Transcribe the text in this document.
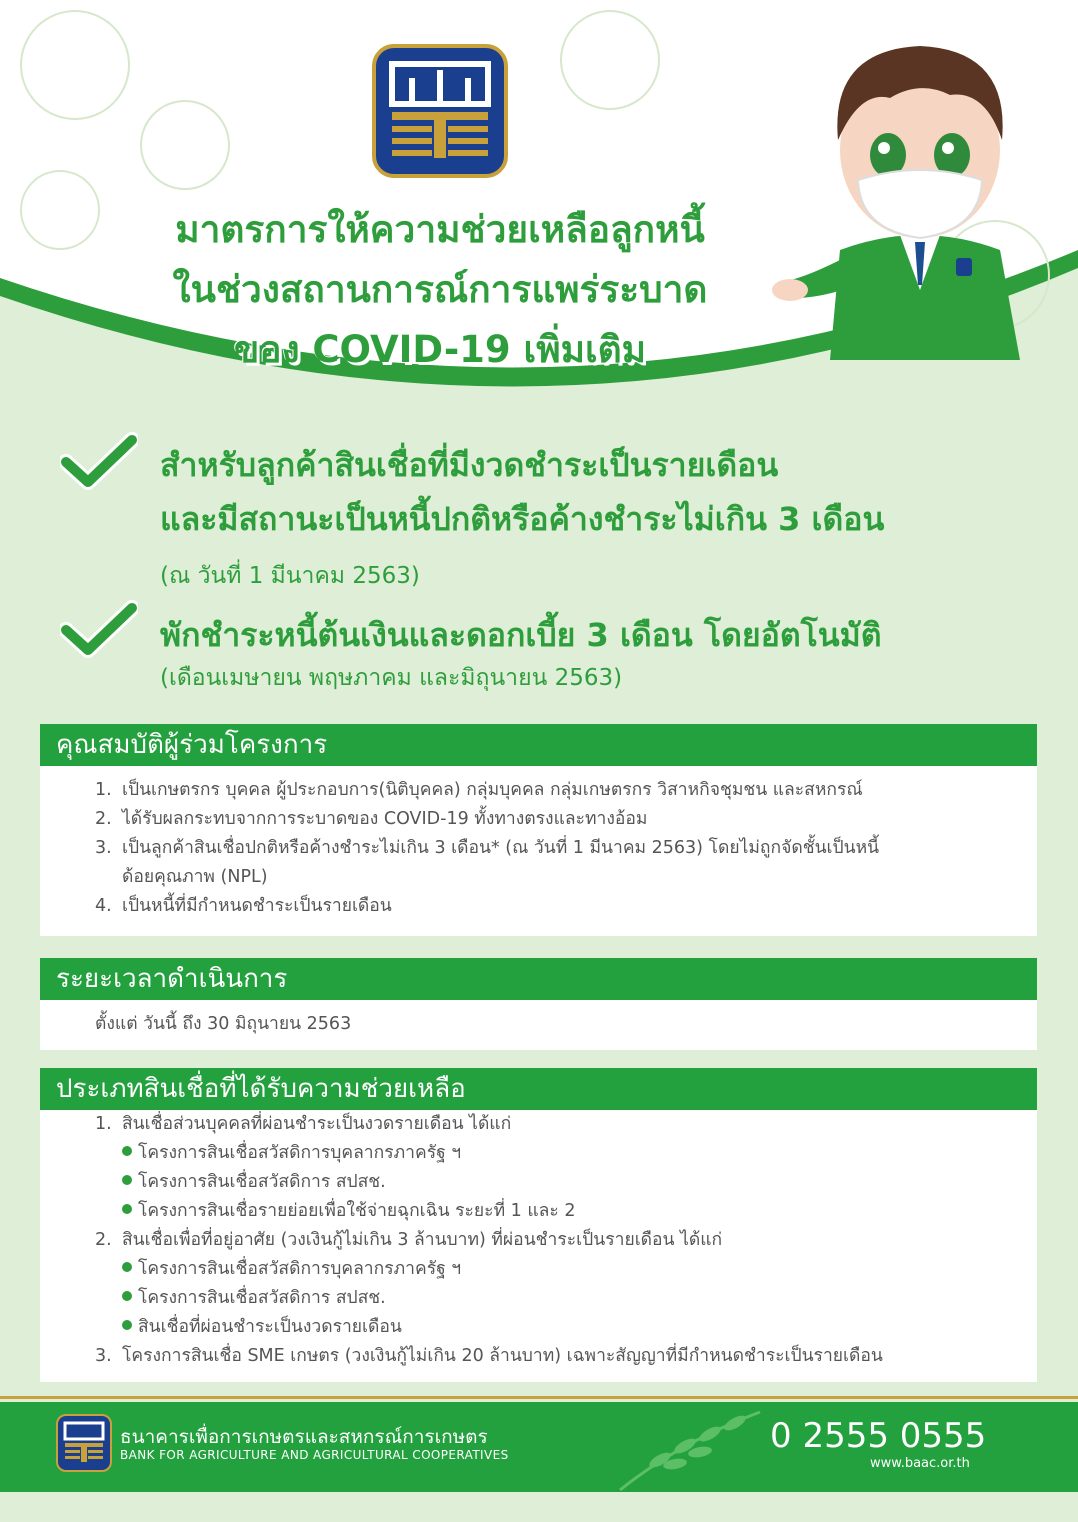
มาตรการให้ความช่วยเหลือลูกหนี้
ในช่วงสถานการณ์การแพร่ระบาด
ของ COVID-19 เพิ่มเติม
สำหรับลูกค้าสินเชื่อที่มีงวดชำระเป็นรายเดือน
และมีสถานะเป็นหนี้ปกติหรือค้างชำระไม่เกิน 3 เดือน
(ณ วันที่ 1 มีนาคม 2563)
พักชำระหนี้ต้นเงินและดอกเบี้ย 3 เดือน โดยอัตโนมัติ
(เดือนเมษายน พฤษภาคม และมิถุนายน 2563)
คุณสมบัติผู้ร่วมโครงการ
1. เป็นเกษตรกร บุคคล ผู้ประกอบการ(นิติบุคคล) กลุ่มบุคคล กลุ่มเกษตรกร วิสาหกิจชุมชน และสหกรณ์
2. ได้รับผลกระทบจากการระบาดของ COVID-19 ทั้งทางตรงและทางอ้อม
3. เป็นลูกค้าสินเชื่อปกติหรือค้างชำระไม่เกิน 3 เดือน* (ณ วันที่ 1 มีนาคม 2563) โดยไม่ถูกจัดชั้นเป็นหนี้
ด้อยคุณภาพ (NPL)
4. เป็นหนี้ที่มีกำหนดชำระเป็นรายเดือน
ระยะเวลาดำเนินการ
ตั้งแต่ วันนี้ ถึง 30 มิถุนายน 2563
ประเภทสินเชื่อที่ได้รับความช่วยเหลือ
1. สินเชื่อส่วนบุคคลที่ผ่อนชำระเป็นงวดรายเดือน ได้แก่
โครงการสินเชื่อสวัสดิการบุคลากรภาครัฐ ฯ
โครงการสินเชื่อสวัสดิการ สปสช.
โครงการสินเชื่อรายย่อยเพื่อใช้จ่ายฉุกเฉิน ระยะที่ 1 และ 2
2. สินเชื่อเพื่อที่อยู่อาศัย (วงเงินกู้ไม่เกิน 3 ล้านบาท) ที่ผ่อนชำระเป็นรายเดือน ได้แก่
โครงการสินเชื่อสวัสดิการบุคลากรภาครัฐ ฯ
โครงการสินเชื่อสวัสดิการ สปสช.
สินเชื่อที่ผ่อนชำระเป็นงวดรายเดือน
3. โครงการสินเชื่อ SME เกษตร (วงเงินกู้ไม่เกิน 20 ล้านบาท) เฉพาะสัญญาที่มีกำหนดชำระเป็นรายเดือน
ธนาคารเพื่อการเกษตรและสหกรณ์การเกษตร
BANK FOR AGRICULTURE AND AGRICULTURAL COOPERATIVES	0 2555 0555
www.baac.or.th
